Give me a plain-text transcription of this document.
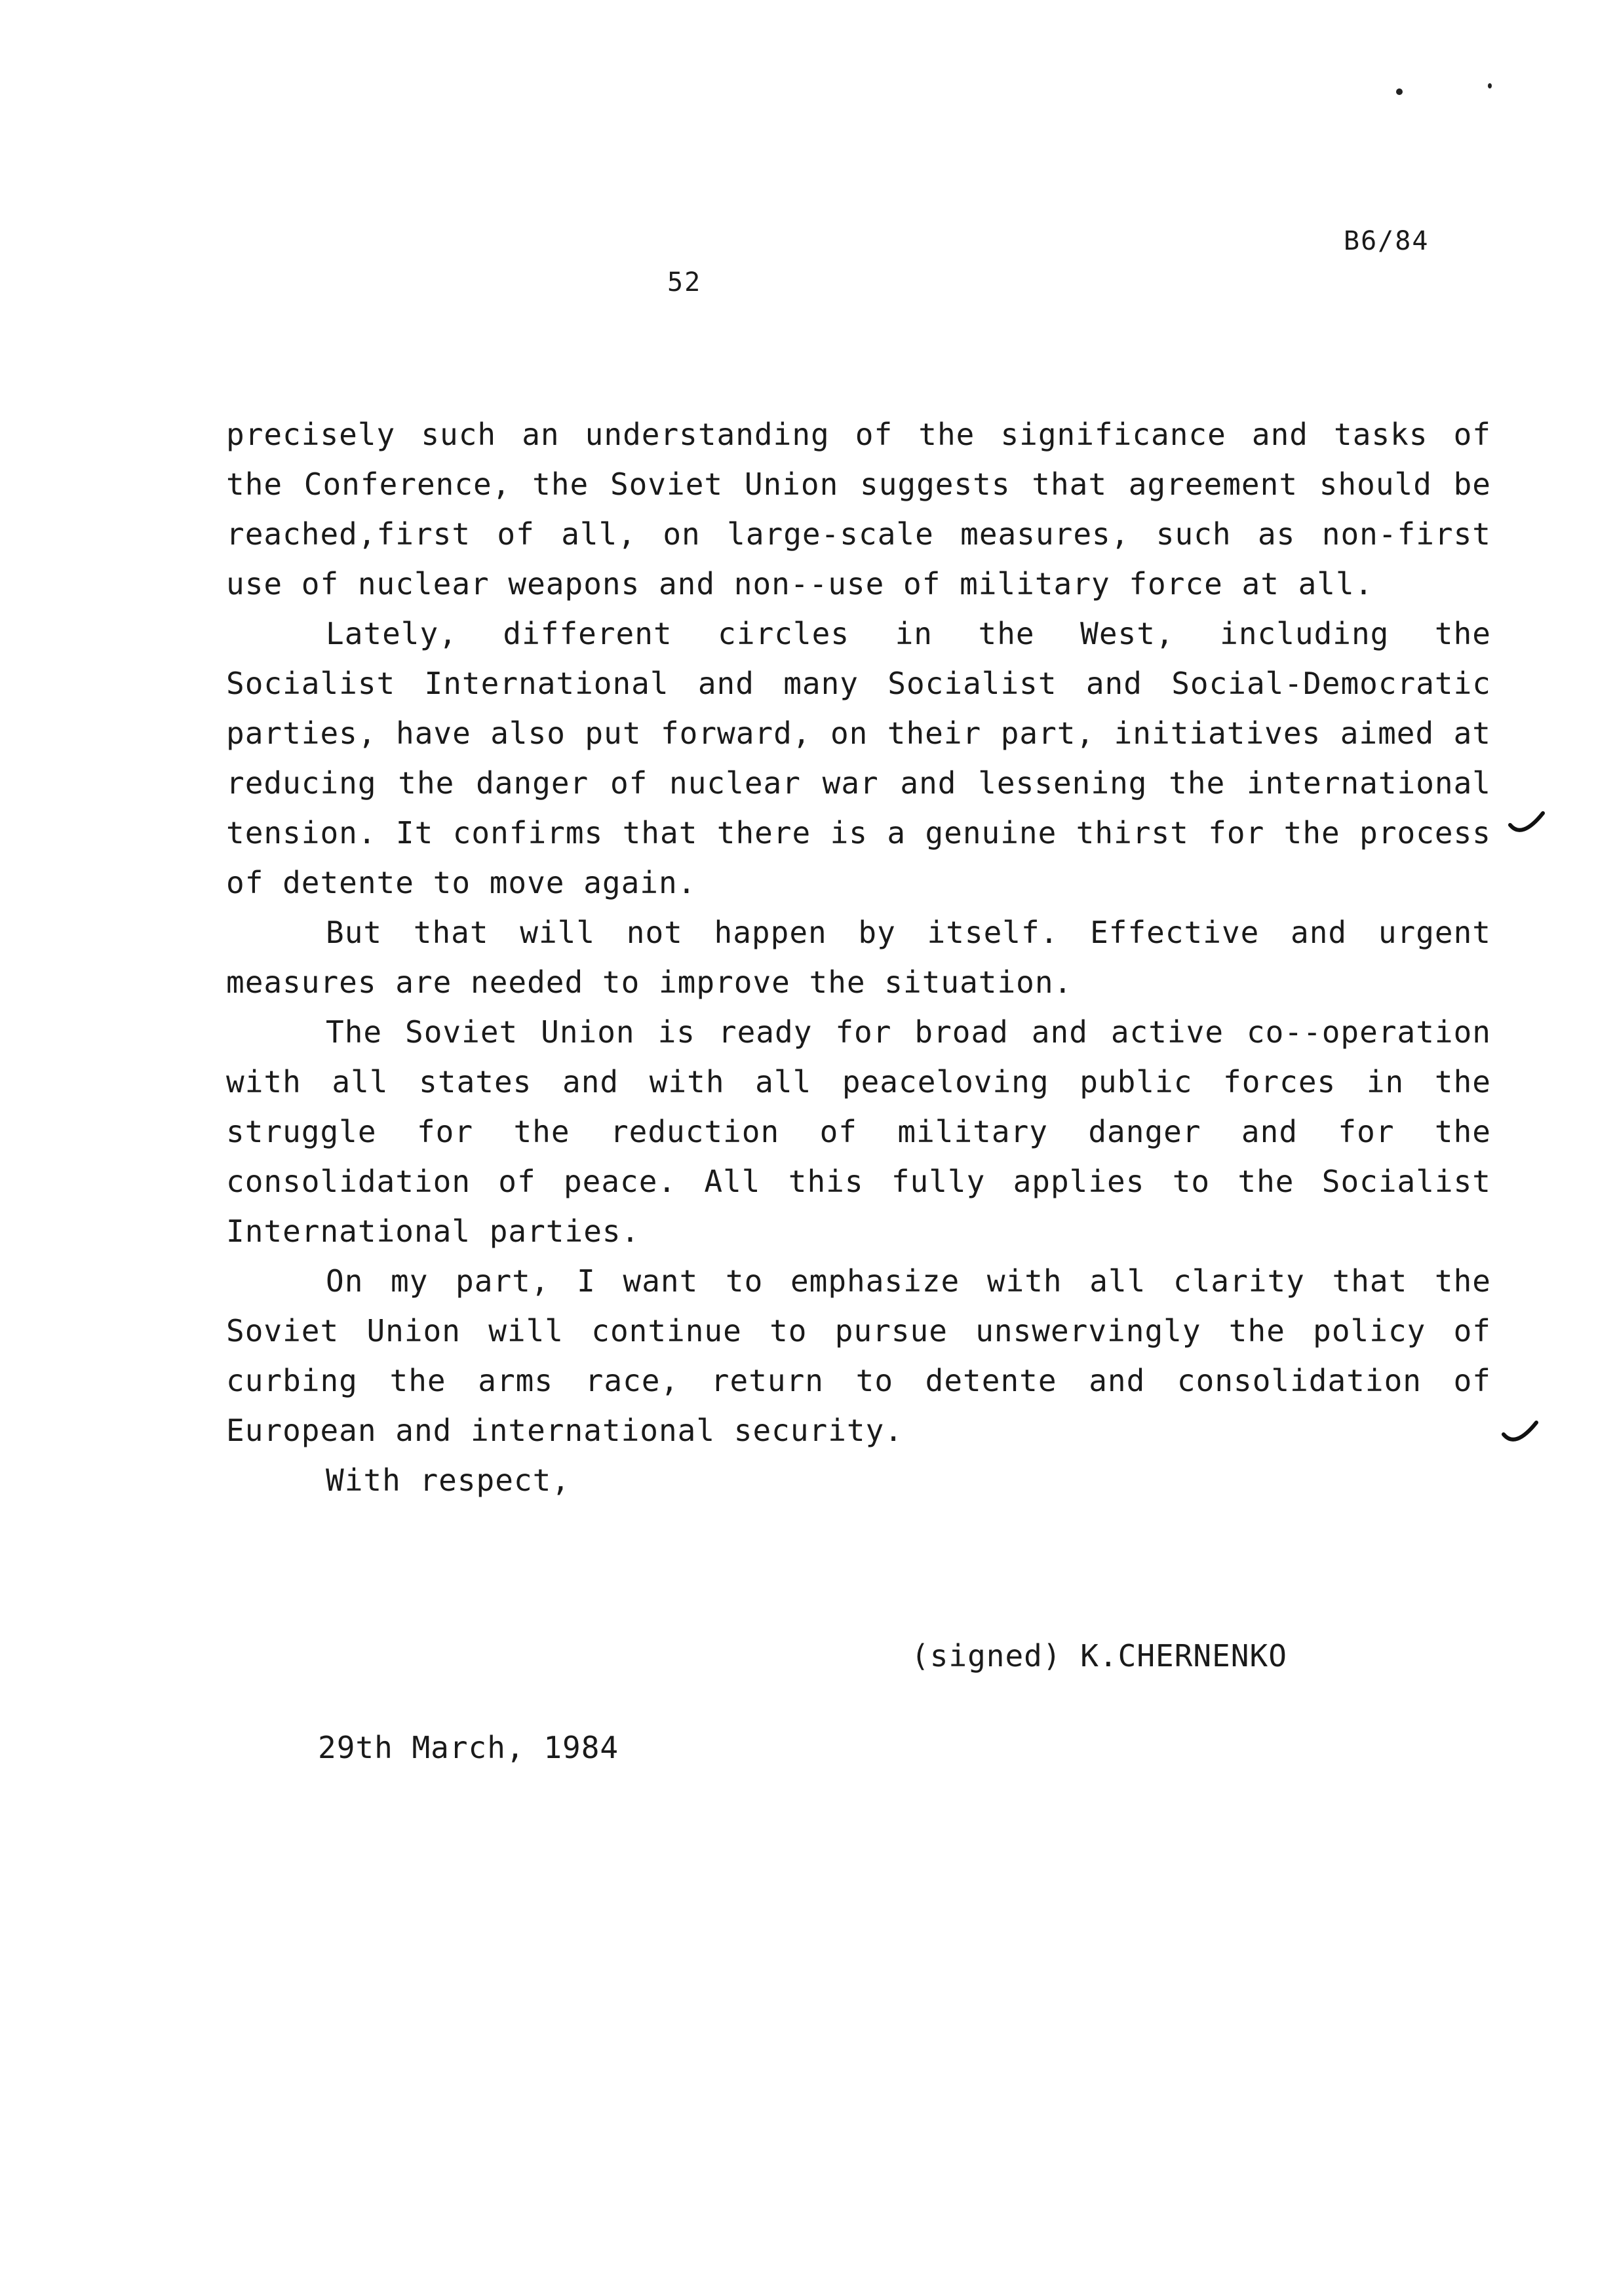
B6/84
52

precisely such an understanding of the significance and tasks of the Conference, the Soviet Union suggests that agreement should be reached,first of all, on large-scale measures, such as non-first use of nuclear weapons and non--use of military force at all.

Lately, different circles in the West, including the Socialist International and many Socialist and Social-Democratic parties, have also put forward, on their part, initiatives aimed at reducing the danger of nuclear war and lessening the international tension. It confirms that there is a genuine thirst for the process of detente to move again.

But that will not happen by itself. Effective and urgent measures are needed to improve the situation.

The Soviet Union is ready for broad and active co--operation with all states and with all peaceloving public forces in the struggle for the reduction of military danger and for the consolidation of peace. All this fully applies to the Socialist International parties.

On my part, I want to emphasize with all clarity that the Soviet Union will continue to pursue unswervingly the policy of curbing the arms race, return to detente and consolidation of European and international security.

With respect,

(signed) K.CHERNENKO
29th March, 1984
